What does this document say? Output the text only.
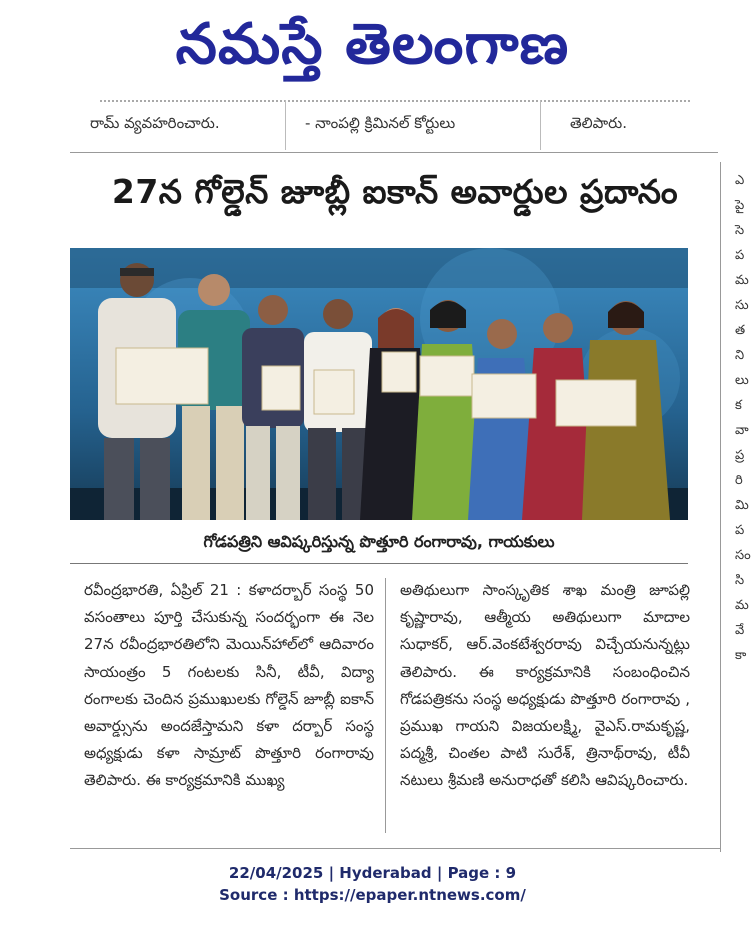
నమస్తే తెలంగాణ
రామ్ వ్యవహరించారు.	- నాంపల్లి క్రిమినల్ కోర్టులు	తెలిపారు.
ఎ
పై
సె
ప
మ
సు
త
ని
లు
క
వా
ప్ర
రి
మి
ప
సం
సి
మ
వే
కా
27న గోల్డెన్ జూబ్లీ ఐకాన్ అవార్డుల ప్రదానం
గోడపత్రిని ఆవిష్కరిస్తున్న పొత్తూరి రంగారావు, గాయకులు
రవీంద్రభారతి, ఏప్రిల్ 21 : కళాదర్బార్ సంస్థ 50 వసంతాలు పూర్తి చేసుకున్న సందర్భంగా ఈ నెల 27న రవీంద్రభారతిలోని మెయిన్‌హాల్‌లో ఆదివారం సాయంత్రం 5 గంటలకు సినీ, టీవీ, విద్యా రంగాలకు చెందిన ప్రముఖులకు గోల్డెన్ జూబ్లీ ఐకాన్ అవార్డ్సును అందజేస్తామని కళా దర్బార్ సంస్థ అధ్యక్షుడు కళా సామ్రాట్ పొత్తూరి రంగారావు తెలిపారు. ఈ కార్యక్రమానికి ముఖ్య
అతిథులుగా సాంస్కృతిక శాఖ మంత్రి జూపల్లి కృష్ణారావు, ఆత్మీయ అతిథులుగా మాదాల సుధాకర్, ఆర్.వెంకటేశ్వరరావు విచ్చేయనున్నట్లు తెలిపారు. ఈ కార్యక్రమానికి సంబంధించిన గోడపత్రికను సంస్థ అధ్యక్షుడు పొత్తూరి రంగారావు , ప్రముఖ గాయని విజయలక్ష్మి, వైఎస్.రామకృష్ణ, పద్మశ్రీ, చింతల పాటి సురేశ్, త్రినాథ్‌రావు, టీవీ నటులు శ్రీమణి అనురాధతో కలిసి ఆవిష్కరించారు.
22/04/2025 | Hyderabad | Page : 9
Source : https://epaper.ntnews.com/
